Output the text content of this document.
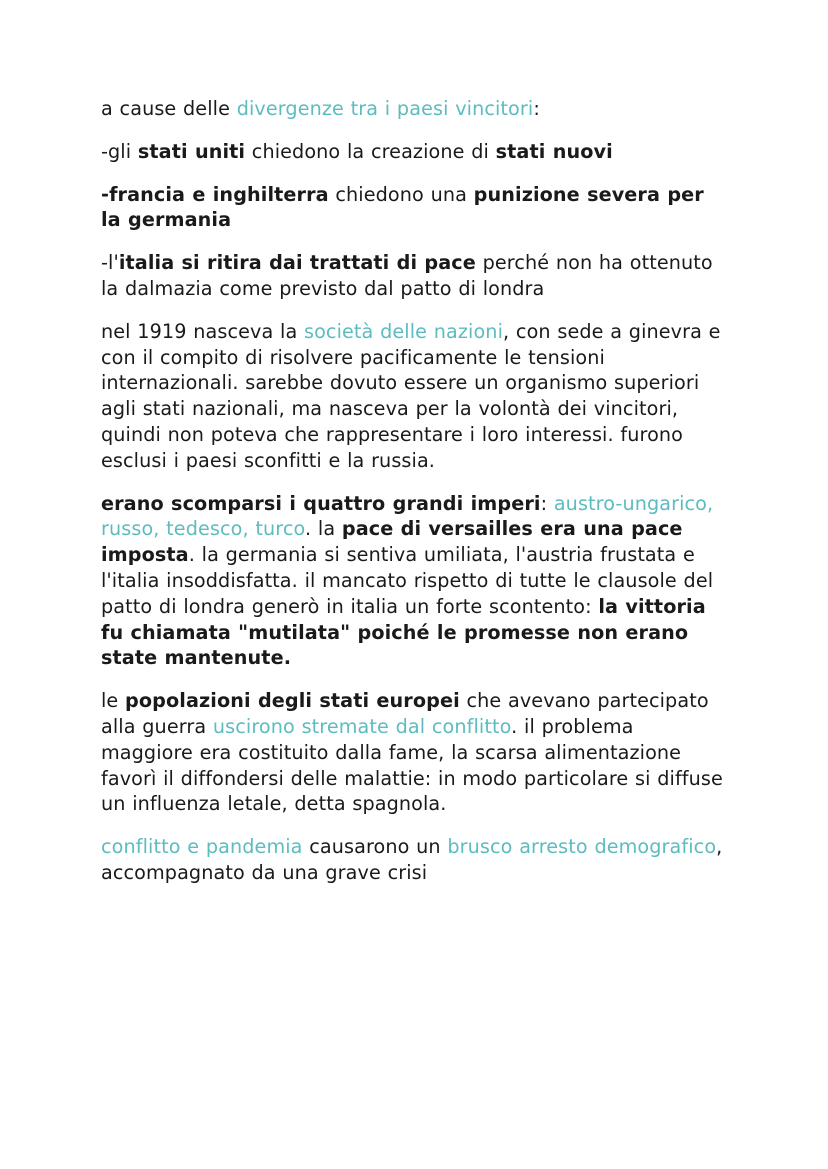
a cause delle divergenze tra i paesi vincitori:

-gli stati uniti chiedono la creazione di stati nuovi

-francia e inghilterra chiedono una punizione severa per la germania

-l'italia si ritira dai trattati di pace perché non ha ottenuto la dalmazia come previsto dal patto di londra

nel 1919 nasceva la società delle nazioni, con sede a ginevra e con il compito di risolvere pacificamente le tensioni internazionali. sarebbe dovuto essere un organismo superiori agli stati nazionali, ma nasceva per la volontà dei vincitori, quindi non poteva che rappresentare i loro interessi. furono esclusi i paesi sconfitti e la russia.

erano scomparsi i quattro grandi imperi: austro-ungarico, russo, tedesco, turco. la pace di versailles era una pace imposta. la germania si sentiva umiliata, l'austria frustata e l'italia insoddisfatta. il mancato rispetto di tutte le clausole del patto di londra generò in italia un forte scontento: la vittoria fu chiamata "mutilata" poiché le promesse non erano state mantenute.

le popolazioni degli stati europei che avevano partecipato alla guerra uscirono stremate dal conflitto. il problema maggiore era costituito dalla fame, la scarsa alimentazione favorì il diffondersi delle malattie: in modo particolare si diffuse un influenza letale, detta spagnola.

conflitto e pandemia causarono un brusco arresto demografico, accompagnato da una grave crisi
